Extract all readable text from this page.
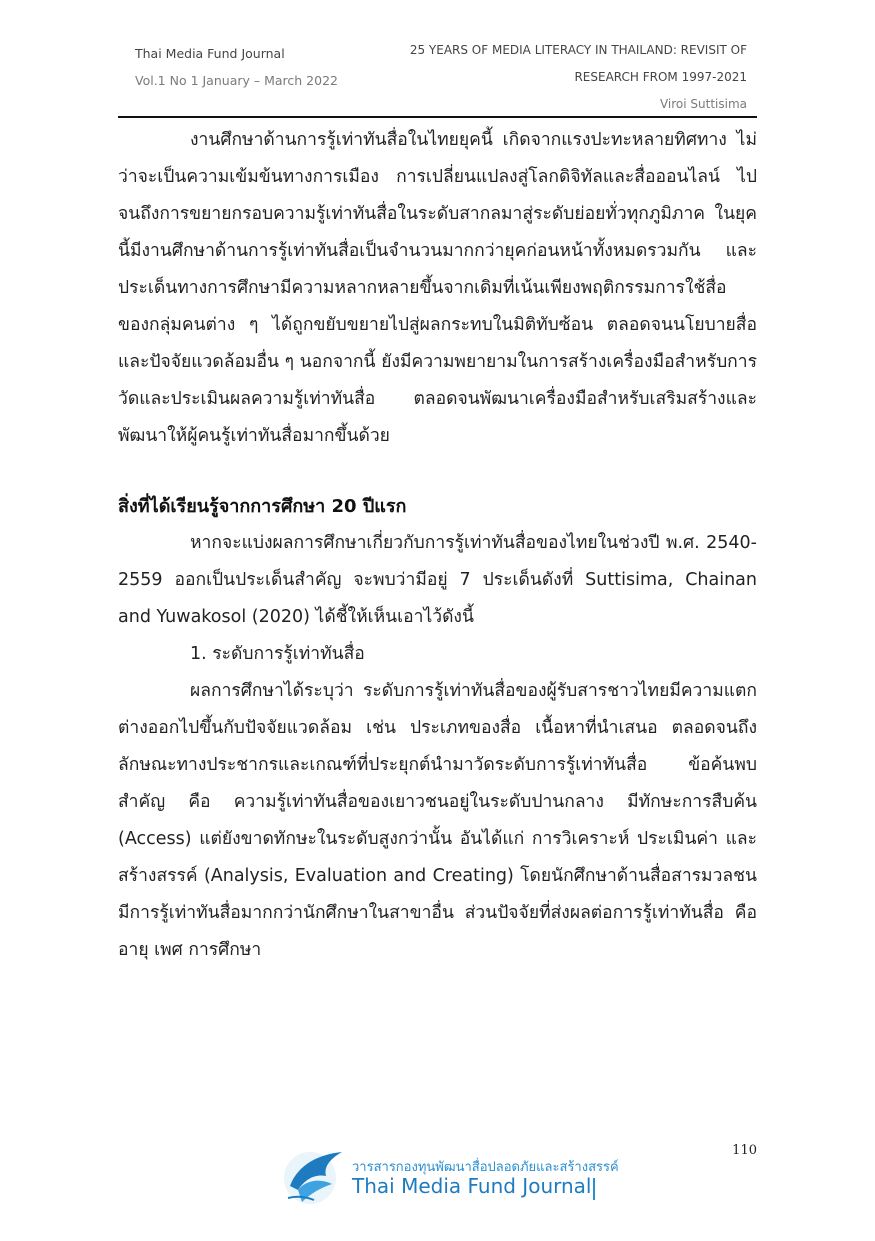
Thai Media Fund Journal
Vol.1 No 1 January – March 2022
25 YEARS OF MEDIA LITERACY IN THAILAND: REVISIT OF
RESEARCH FROM 1997-2021
Viroi Suttisima

งานศึกษาด้านการรู้เท่าทันสื่อในไทยยุคนี้ เกิดจากแรงปะทะหลายทิศทาง ไม่ว่าจะเป็นความเข้มข้นทางการเมือง การเปลี่ยนแปลงสู่โลกดิจิทัลและสื่อออนไลน์ ไปจนถึงการขยายกรอบความรู้เท่าทันสื่อในระดับสากลมาสู่ระดับย่อยทั่วทุกภูมิภาค ในยุคนี้มีงานศึกษาด้านการรู้เท่าทันสื่อเป็นจำนวนมากกว่ายุคก่อนหน้าทั้งหมดรวมกัน และประเด็นทางการศึกษามีความหลากหลายขึ้นจากเดิมที่เน้นเพียงพฤติกรรมการใช้สื่อของกลุ่มคนต่าง ๆ ได้ถูกขยับขยายไปสู่ผลกระทบในมิติทับซ้อน ตลอดจนนโยบายสื่อและปัจจัยแวดล้อมอื่น ๆ นอกจากนี้ ยังมีความพยายามในการสร้างเครื่องมือสำหรับการวัดและประเมินผลความรู้เท่าทันสื่อ ตลอดจนพัฒนาเครื่องมือสำหรับเสริมสร้างและพัฒนาให้ผู้คนรู้เท่าทันสื่อมากขึ้นด้วย

สิ่งที่ได้เรียนรู้จากการศึกษา 20 ปีแรก

หากจะแบ่งผลการศึกษาเกี่ยวกับการรู้เท่าทันสื่อของไทยในช่วงปี พ.ศ. 2540-2559 ออกเป็นประเด็นสำคัญ จะพบว่ามีอยู่ 7 ประเด็นดังที่ Suttisima, Chainan and Yuwakosol (2020) ได้ชี้ให้เห็นเอาไว้ดังนี้

1. ระดับการรู้เท่าทันสื่อ

ผลการศึกษาได้ระบุว่า ระดับการรู้เท่าทันสื่อของผู้รับสารชาวไทยมีความแตกต่างออกไปขึ้นกับปัจจัยแวดล้อม เช่น ประเภทของสื่อ เนื้อหาที่นำเสนอ ตลอดจนถึงลักษณะทางประชากรและเกณฑ์ที่ประยุกต์นำมาวัดระดับการรู้เท่าทันสื่อ ข้อค้นพบสำคัญ คือ ความรู้เท่าทันสื่อของเยาวชนอยู่ในระดับปานกลาง มีทักษะการสืบค้น (Access) แต่ยังขาดทักษะในระดับสูงกว่านั้น อันได้แก่ การวิเคราะห์ ประเมินค่า และสร้างสรรค์ (Analysis, Evaluation and Creating) โดยนักศึกษาด้านสื่อสารมวลชนมีการรู้เท่าทันสื่อมากกว่านักศึกษาในสาขาอื่น ส่วนปัจจัยที่ส่งผลต่อการรู้เท่าทันสื่อ คือ อายุ เพศ การศึกษา

110
วารสารกองทุนพัฒนาสื่อปลอดภัยและสร้างสรรค์
Thai Media Fund Journal
